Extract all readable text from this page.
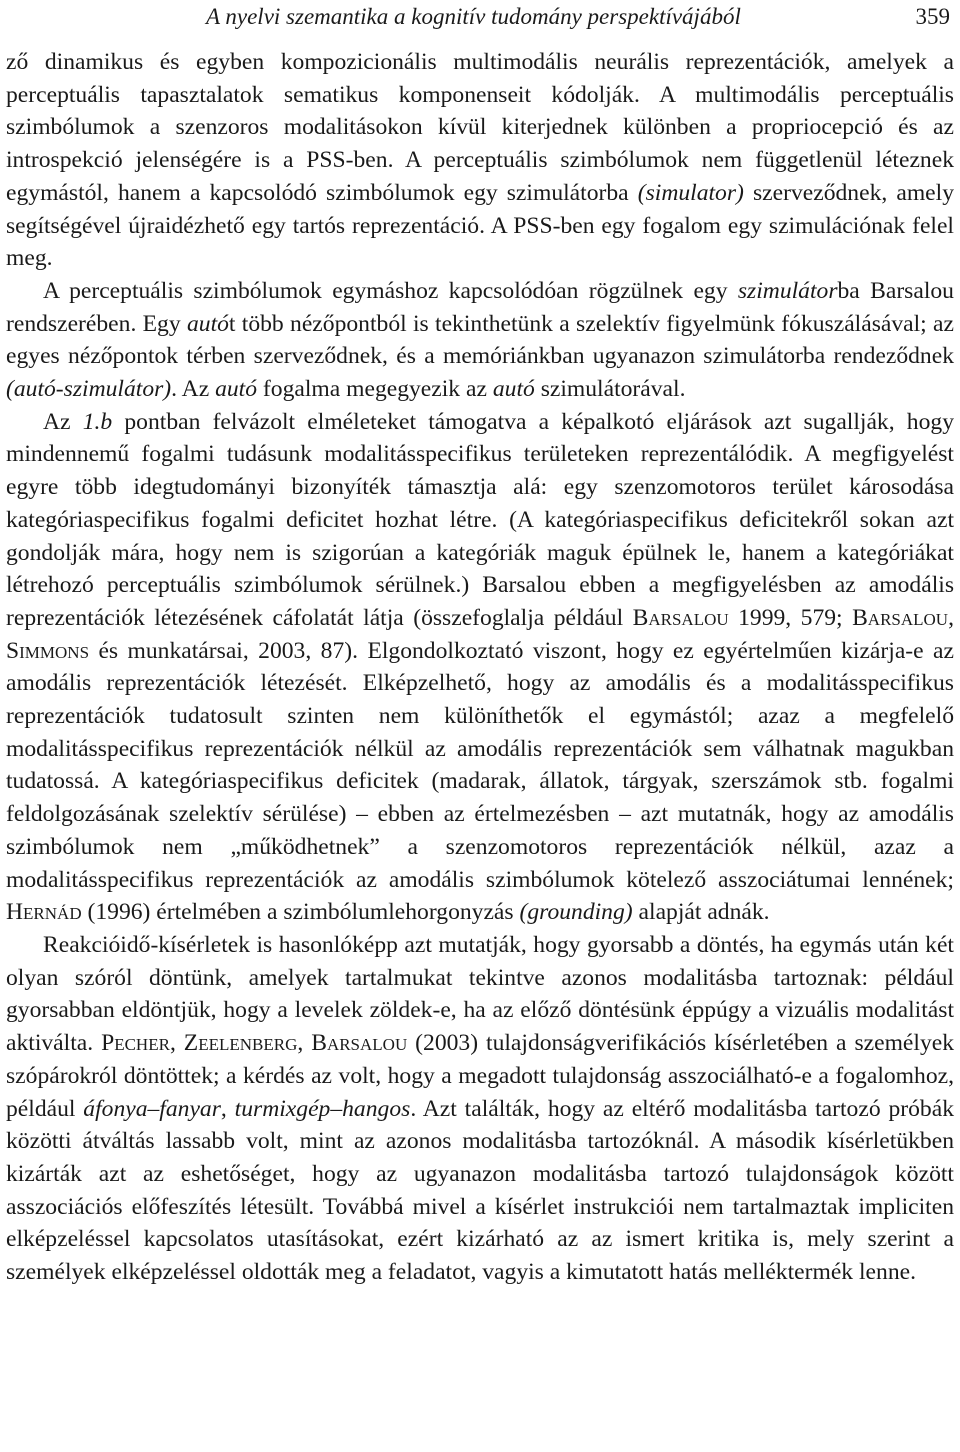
A nyelvi szemantika a kognitív tudomány perspektívájából	359

ző dinamikus és egyben kompozicionális multimodális neurális reprezentációk, amelyek a perceptuális tapasztalatok sematikus komponenseit kódolják. A multimodális perceptuális szimbólumok a szenzoros modalitásokon kívül kiterjednek különben a propriocepció és az introspekció jelenségére is a PSS-ben. A perceptuális szimbólumok nem függetlenül léteznek egymástól, hanem a kapcsolódó szimbólumok egy szimulátorba (simulator) szerveződnek, amely segítségével újraidézhető egy tartós reprezentáció. A PSS-ben egy fogalom egy szimulációnak felel meg.

A perceptuális szimbólumok egymáshoz kapcsolódóan rögzülnek egy szimulátorba Barsalou rendszerében. Egy autót több nézőpontból is tekinthetünk a szelektív figyelmünk fókuszálásával; az egyes nézőpontok térben szerveződnek, és a memóriánkban ugyanazon szimulátorba rendeződnek (autó-szimulátor). Az autó fogalma megegyezik az autó szimulátorával.

Az 1.b pontban felvázolt elméleteket támogatva a képalkotó eljárások azt sugallják, hogy mindennemű fogalmi tudásunk modalitásspecifikus területeken reprezentálódik. A megfigyelést egyre több idegtudományi bizonyíték támasztja alá: egy szenzomotoros terület károsodása kategóriaspecifikus fogalmi deficitet hozhat létre. (A kategóriaspecifikus deficitekről sokan azt gondolják mára, hogy nem is szigorúan a kategóriák maguk épülnek le, hanem a kategóriákat létrehozó perceptuális szimbólumok sérülnek.) Barsalou ebben a megfigyelésben az amodális reprezentációk létezésének cáfolatát látja (összefoglalja például Barsalou 1999, 579; Barsalou, Simmons és munkatársai, 2003, 87). Elgondolkoztató viszont, hogy ez egyértelműen kizárja-e az amodális reprezentációk létezését. Elképzelhető, hogy az amodális és a modalitásspecifikus reprezentációk tudatosult szinten nem különíthetők el egymástól; azaz a megfelelő modalitásspecifikus reprezentációk nélkül az amodális reprezentációk sem válhatnak magukban tudatossá. A kategóriaspecifikus deficitek (madarak, állatok, tárgyak, szerszámok stb. fogalmi feldolgozásának szelektív sérülése) – ebben az értelmezésben – azt mutatnák, hogy az amodális szimbólumok nem „működhetnek” a szenzomotoros reprezentációk nélkül, azaz a modalitásspecifikus reprezentációk az amodális szimbólumok kötelező asszociátumai lennének; Hernád (1996) értelmében a szimbólumlehorgonyzás (grounding) alapját adnák.

Reakcióidő-kísérletek is hasonlóképp azt mutatják, hogy gyorsabb a döntés, ha egymás után két olyan szóról döntünk, amelyek tartalmukat tekintve azonos modalitásba tartoznak: például gyorsabban eldöntjük, hogy a levelek zöldek-e, ha az előző döntésünk éppúgy a vizuális modalitást aktiválta. Pecher, Zeelenberg, Barsalou (2003) tulajdonságverifikációs kísérletében a személyek szópárokról döntöttek; a kérdés az volt, hogy a megadott tulajdonság asszociálható-e a fogalomhoz, például áfonya–fanyar, turmixgép–hangos. Azt találták, hogy az eltérő modalitásba tartozó próbák közötti átváltás lassabb volt, mint az azonos modalitásba tartozóknál. A második kísérletükben kizárták azt az eshetőséget, hogy az ugyanazon modalitásba tartozó tulajdonságok között asszociációs előfeszítés létesült. Továbbá mivel a kísérlet instrukciói nem tartalmaztak impliciten elképzeléssel kapcsolatos utasításokat, ezért kizárható az az ismert kritika is, mely szerint a személyek elképzeléssel oldották meg a feladatot, vagyis a kimutatott hatás melléktermék lenne.
